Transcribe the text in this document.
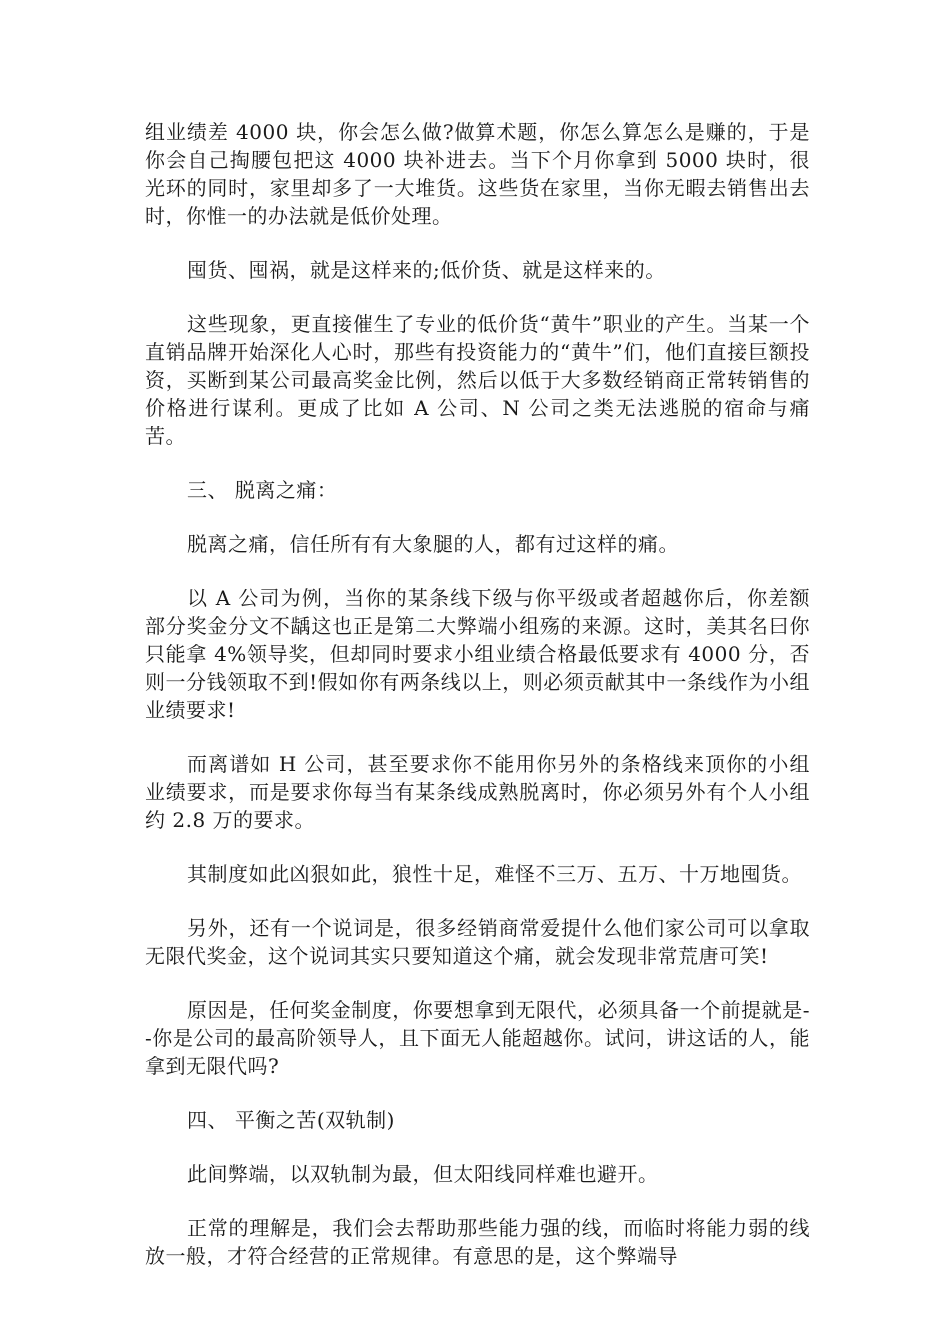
组业绩差 4000 块，你会怎么做?做算术题，你怎么算怎么是赚的，于是你会自己掏腰包把这 4000 块补进去。当下个月你拿到 5000 块时，很光环的同时，家里却多了一大堆货。这些货在家里，当你无暇去销售出去时，你惟一的办法就是低价处理。

囤货、囤祸，就是这样来的;低价货、就是这样来的。

这些现象，更直接催生了专业的低价货“黄牛”职业的产生。当某一个直销品牌开始深化人心时，那些有投资能力的“黄牛”们，他们直接巨额投资，买断到某公司最高奖金比例，然后以低于大多数经销商正常转销售的价格进行谋利。更成了比如 A 公司、N 公司之类无法逃脱的宿命与痛苦。

三、 脱离之痛：

脱离之痛，信任所有有大象腿的人，都有过这样的痛。

以 A 公司为例，当你的某条线下级与你平级或者超越你后，你差额部分奖金分文不龋这也正是第二大弊端小组殇的来源。这时，美其名曰你只能拿 4%领导奖，但却同时要求小组业绩合格最低要求有 4000 分，否则一分钱领取不到!假如你有两条线以上，则必须贡献其中一条线作为小组业绩要求!

而离谱如 H 公司，甚至要求你不能用你另外的条格线来顶你的小组业绩要求，而是要求你每当有某条线成熟脱离时，你必须另外有个人小组约 2.8 万的要求。

其制度如此凶狠如此，狼性十足，难怪不三万、五万、十万地囤货。

另外，还有一个说词是，很多经销商常爱提什么他们家公司可以拿取无限代奖金，这个说词其实只要知道这个痛，就会发现非常荒唐可笑!

原因是，任何奖金制度，你要想拿到无限代，必须具备一个前提就是--你是公司的最高阶领导人，且下面无人能超越你。试问，讲这话的人，能拿到无限代吗?

四、 平衡之苦(双轨制)

此间弊端，以双轨制为最，但太阳线同样难也避开。

正常的理解是，我们会去帮助那些能力强的线，而临时将能力弱的线放一般，才符合经营的正常规律。有意思的是，这个弊端导
